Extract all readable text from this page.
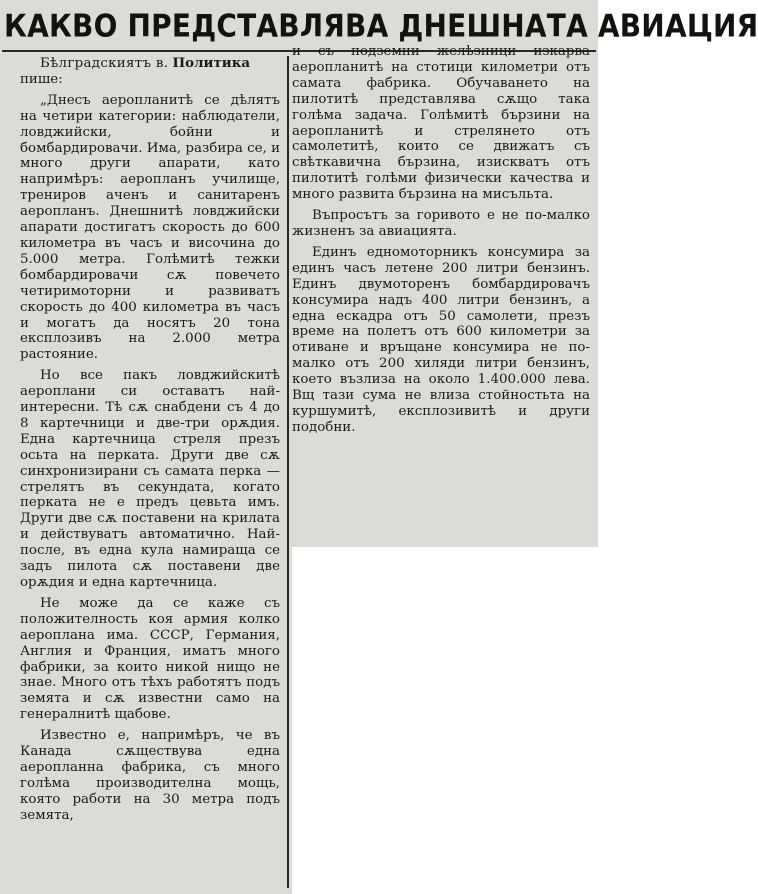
КАКВО ПРЕДСТАВЛЯВА ДНЕШНАТА АВИАЦИЯ

Бѣлградскиятъ в. Политика
пише:

„Днесъ аеропланитѣ се дѣлятъ на четири категории: наблюдатели, ловджийски, бойни и бомбардировачи. Има, разбира се, и много други апарати, като напримѣръ: аеропланъ училище, трениров аченъ и санитаренъ аеропланъ. Днешнитѣ ловджийски апарати достигатъ скорость до 600 километра въ часъ и височина до 5.000 метра. Голѣмитѣ тежки бомбардировачи сѫ повечето четиримоторни и развиватъ скорость до 400 километра въ часъ и могатъ да носятъ 20 тона експлозивъ на 2.000 метра растояние.

Но все пакъ ловджийскитѣ аероплани си оставатъ най-интересни. Тѣ сѫ снабдени съ 4 до 8 картечници и две-три орѫдия. Една картечница стреля презъ осьта на перката. Други две сѫ синхронизирани съ самата перка — стрелятъ въ секундата, когато перката не е предъ цевьта имъ. Други две сѫ поставени на крилата и действуватъ автоматично. Най-после, въ една кула намираща се задъ пилота сѫ поставени две орѫдия и една картечница.

Не може да се каже съ положителность коя армия колко аероплана има. СССР, Германия, Англия и Франция, иматъ много фабрики, за които никой нищо не знае. Много отъ тѣхъ работятъ подъ земята и сѫ известни само на генералнитѣ щабове.

Известно е, напримѣръ, че въ Канада сѫществува една аеропланна фабрика, съ много голѣма производителна мощь, която работи на 30 метра подъ земята,

и съ подземни желѣзници изкарва аеропланитѣ на стотици километри отъ самата фабрика. Обучаването на пилотитѣ представлява сѫщо така голѣма задача. Голѣмитѣ бързини на аеропланитѣ и стрелянето отъ самолетитѣ, които се движатъ съ свѣткавична бързина, изискватъ отъ пилотитѣ голѣми физически качества и много развита бързина на мисъльта.

Въпросътъ за горивото е не по-малко жизненъ за авиацията.

Единъ едномоторникъ консумира за единъ часъ летене 200 литри бензинъ. Единъ двумоторенъ бомбардировачъ консумира надъ 400 литри бензинъ, а една ескадра отъ 50 самолети, презъ време на полетъ отъ 600 километри за отиване и връщане консумира не по-малко отъ 200 хиляди литри бензинъ, което възлиза на около 1.400.000 лева. Вщ тази сума не влиза стойностьта на куршумитѣ, експлозивитѣ и други подобни.
